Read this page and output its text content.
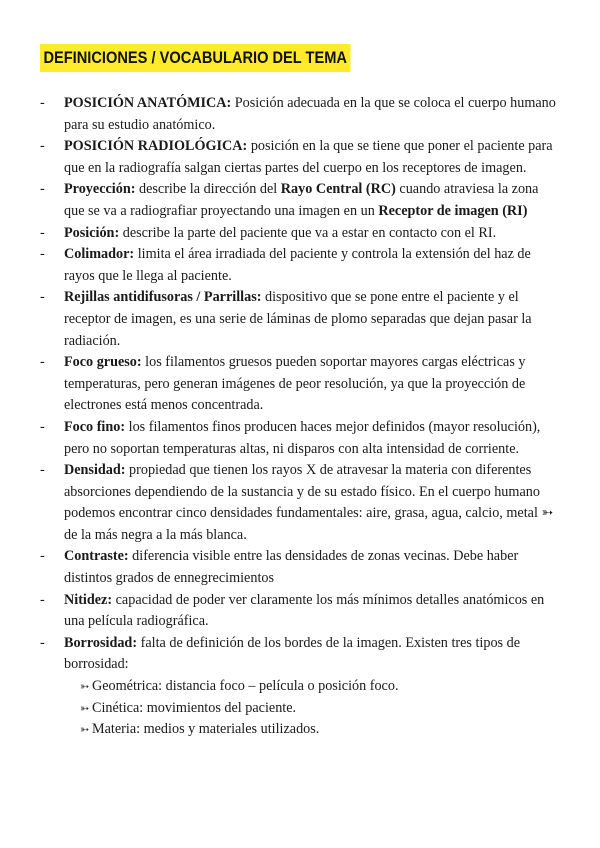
DEFINICIONES / VOCABULARIO DEL TEMA
- POSICIÓN ANATÓMICA: Posición adecuada en la que se coloca el cuerpo humano para su estudio anatómico.
- POSICIÓN RADIOLÓGICA: posición en la que se tiene que poner el paciente para que en la radiografía salgan ciertas partes del cuerpo en los receptores de imagen.
- Proyección: describe la dirección del Rayo Central (RC) cuando atraviesa la zona que se va a radiografiar proyectando una imagen en un Receptor de imagen (RI)
- Posición: describe la parte del paciente que va a estar en contacto con el RI.
- Colimador: limita el área irradiada del paciente y controla la extensión del haz de rayos que le llega al paciente.
- Rejillas antidifusoras / Parrillas: dispositivo que se pone entre el paciente y el receptor de imagen, es una serie de láminas de plomo separadas que dejan pasar la radiación.
- Foco grueso: los filamentos gruesos pueden soportar mayores cargas eléctricas y temperaturas, pero generan imágenes de peor resolución, ya que la proyección de electrones está menos concentrada.
- Foco fino: los filamentos finos producen haces mejor definidos (mayor resolución), pero no soportan temperaturas altas, ni disparos con alta intensidad de corriente.
- Densidad: propiedad que tienen los rayos X de atravesar la materia con diferentes absorciones dependiendo de la sustancia y de su estado físico. En el cuerpo humano podemos encontrar cinco densidades fundamentales: aire, grasa, agua, calcio, metal ➳ de la más negra a la más blanca.
- Contraste: diferencia visible entre las densidades de zonas vecinas. Debe haber distintos grados de ennegrecimientos
- Nitidez: capacidad de poder ver claramente los más mínimos detalles anatómicos en una película radiográfica.
- Borrosidad: falta de definición de los bordes de la imagen. Existen tres tipos de borrosidad:
➳ Geométrica: distancia foco – película o posición foco.
➳ Cinética: movimientos del paciente.
➳ Materia: medios y materiales utilizados.
